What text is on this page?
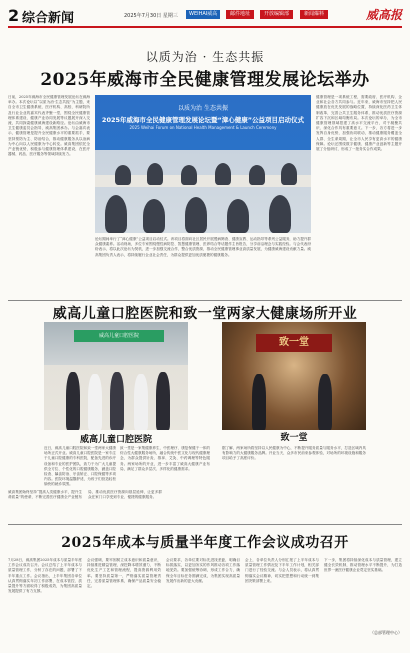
2 综合新闻	2025年7月30日 星期三	WEIHAI威高	邮件地址	开放编辑部	新闻爆料	威高报
以质为治 · 生态共振
2025年威海市全民健康管理发展论坛举办
日前，2025年威海市全民健康管理发展论坛在威海举办。本次论坛以“以质为治·生态共振”为主题，来自全市卫生健康系统、医疗机构、高校、科研院所及行业企业的嘉宾代表齐聚一堂，围绕全民健康管理体系建设、健康产业协同发展等议题展开深入交流，共同探索健康威海建设新路径。论坛由威海市卫生健康委员会指导，威高集团承办。与会嘉宾表示，健康管理是提升全民健康水平的重要抓手，要坚持预防为主、防治结合，推动健康服务从以治病为中心向以人民健康为中心转变。威高集团依托全产业链优势，积极参与健康管理体系建设，在医疗器械、药品、医疗服务等领域持续发力。
以质为治 生态共振
2025年威海市全民健康管理发展论坛暨“漳心健康”公益项目启动仪式
2025 Weihai Forum on National Health Management & Launch Ceremony
健康管理是一项系统工程，需要政府、医疗机构、企业和社会各方共同参与。近年来，威海市坚持把人民健康放在优先发展的战略位置，持续深化医药卫生体制改革，完善公共卫生服务体系，推动优质医疗资源扩容下沉和区域均衡布局。本次论坛的举办，为全市健康管理领域搭建了高水平交流平台，对于凝聚共识、深化合作具有重要意义。下一步，各方将进一步发挥自身优势，加强协同联动，推动健康服务覆盖全人群、全生命周期，让全市人民享有更高水平的健康保障。论坛还围绕数字健康、健康产业创新等主题开展了分组研讨，形成了一批务实合作成果。
论坛期间举行了“漳心健康”公益项目启动仪式。该项目将面向社区居民开展慢病筛查、健康宣教、运动指导等系列公益服务，助力提升群众健康素养。活动现场，多位专家围绕慢性病防控、智慧健康管理、医养结合等话题作主旨报告，分享前沿理念与实践经验。与会代表纷纷表示，将以此次论坛为契机，进一步加强交流合作，整合优质资源，推动全民健康管理事业高质量发展，为健康威海建设贡献力量。威高集团负责人表示，将持续履行企业社会责任，为群众提供更加优质便捷的健康服务。
威高儿童口腔医院和致一堂两家大健康场所开业
威高儿童口腔医院
致一堂
威高儿童口腔医院	致一堂
近日，威高儿童口腔医院和致一堂两家大健康场所正式开业。威高儿童口腔医院是一家专注于儿童口腔健康的专科医院，配备先进的诊疗设备和专业的医护团队，致力于为广大儿童提供全方位、个性化的口腔健康服务，涵盖口腔检查、龋齿防治、牙齿矫正、口腔保健等多项内容。医院环境温馨舒适，为孩子们营造轻松愉快的就诊氛围。
致一堂是一家集健康养生、中医理疗、康复保健于一体的综合性大健康服务场所，融合传统中医文化与现代健康理念，为群众提供针灸、推拿、艾灸、中药调理等特色服务。两家场所的开业，进一步丰富了威高大健康产业布局，满足了群众多层次、多样化的健康需求。
据了解，两家场所将坚持以人民健康为中心，不断提升服务质量与服务水平，打造区域内具有影响力的大健康服务品牌。开业当天，众多市民前来参观体验，对场所的环境设施和服务项目给予了高度评价。
威高集团始终坚持“提高人类健康水平，提升生命质量”的使命，不断完善医疗健康全产业链布局，推动优质医疗资源向基层延伸，让更多群众在家门口享受到专业、便捷的健康服务。
2025年成本与质量半年度工作会议成功召开
7月28日，威高集团2025年成本与质量半年度工作会议成功召开。会议总结了上半年成本与质量管理工作，分析了存在的问题，部署了下半年重点工作。会议指出，上半年集团各单位认真贯彻落实年初工作部署，在成本管控、质量提升等方面取得了积极成效，为集团高质量发展提供了有力支撑。
会议强调，要牢固树立成本意识和质量意识，持续推进精益管理，深挖降本增效潜力，不断优化生产工艺和管理流程，提高资源利用效率。要坚持质量第一，严格落实质量管理责任，完善质量管理体系，确保产品质量安全稳定。
会议要求，各单位要对标先进找差距，明确目标抓落实，以更加务实的作风推动各项工作落地见效。要加强统筹协调，形成工作合力，确保全年目标任务圆满完成，为集团实现高质量发展作出新的更大贡献。
会上，各单位负责人分别汇报了上半年成本与质量管理工作情况及下半年工作计划，相关部门进行了经验交流。与会人员表示，将认真贯彻落实会议精神，切实把思想和行动统一到集团决策部署上来。
下一步，集团将持续深化成本与质量管理，建立健全长效机制，推动管理水平不断提升，为打造世界一流医疗健康企业奠定坚实基础。
（总部管理中心）
